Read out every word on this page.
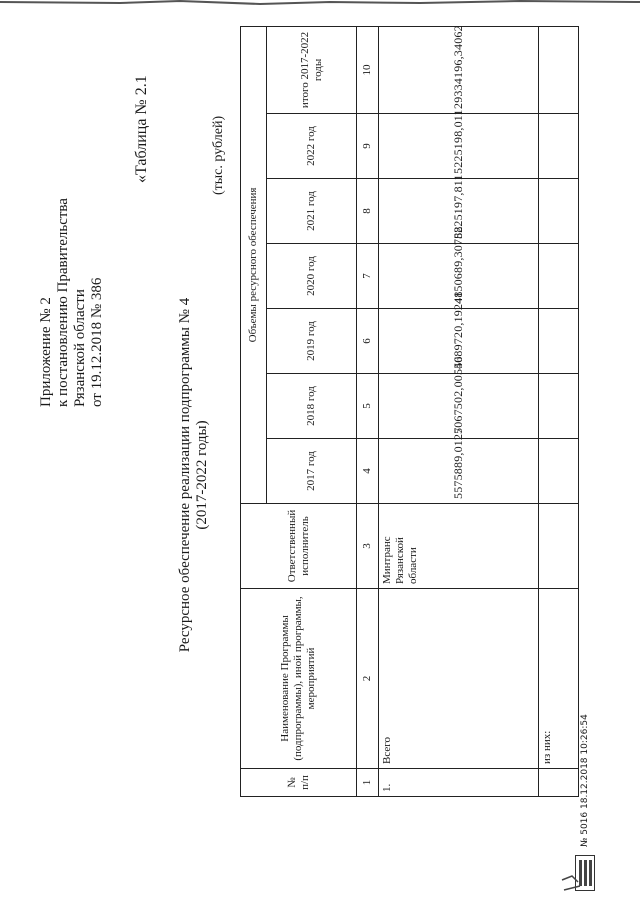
Приложение № 2 к постановлению Правительства Рязанской области от 19.12.2018 № 386
«Таблица № 2.1
Ресурсное обеспечение реализации подпрограммы № 4 (2017-2022 годы)
(тыс. рублей)
№ п/п	Наименование Программы (подпрограммы), иной программы, мероприятий	Ответственный исполнитель	Объемы ресурсного обеспечения						
			2017 год	2018 год	2019 год	2020 год	2021 год	2022 год	итого 2017-2022 годы
1	2	3	4	5	6	7	8	9	10
1.	Всего	Минтранс Рязанской области	5575889,0127	5067502,00556	4089720,19248	4150689,30788	5225197,811	5225198,011	29334196,34062
	из них:									№ 5016 18.12.2018 10:26:54
